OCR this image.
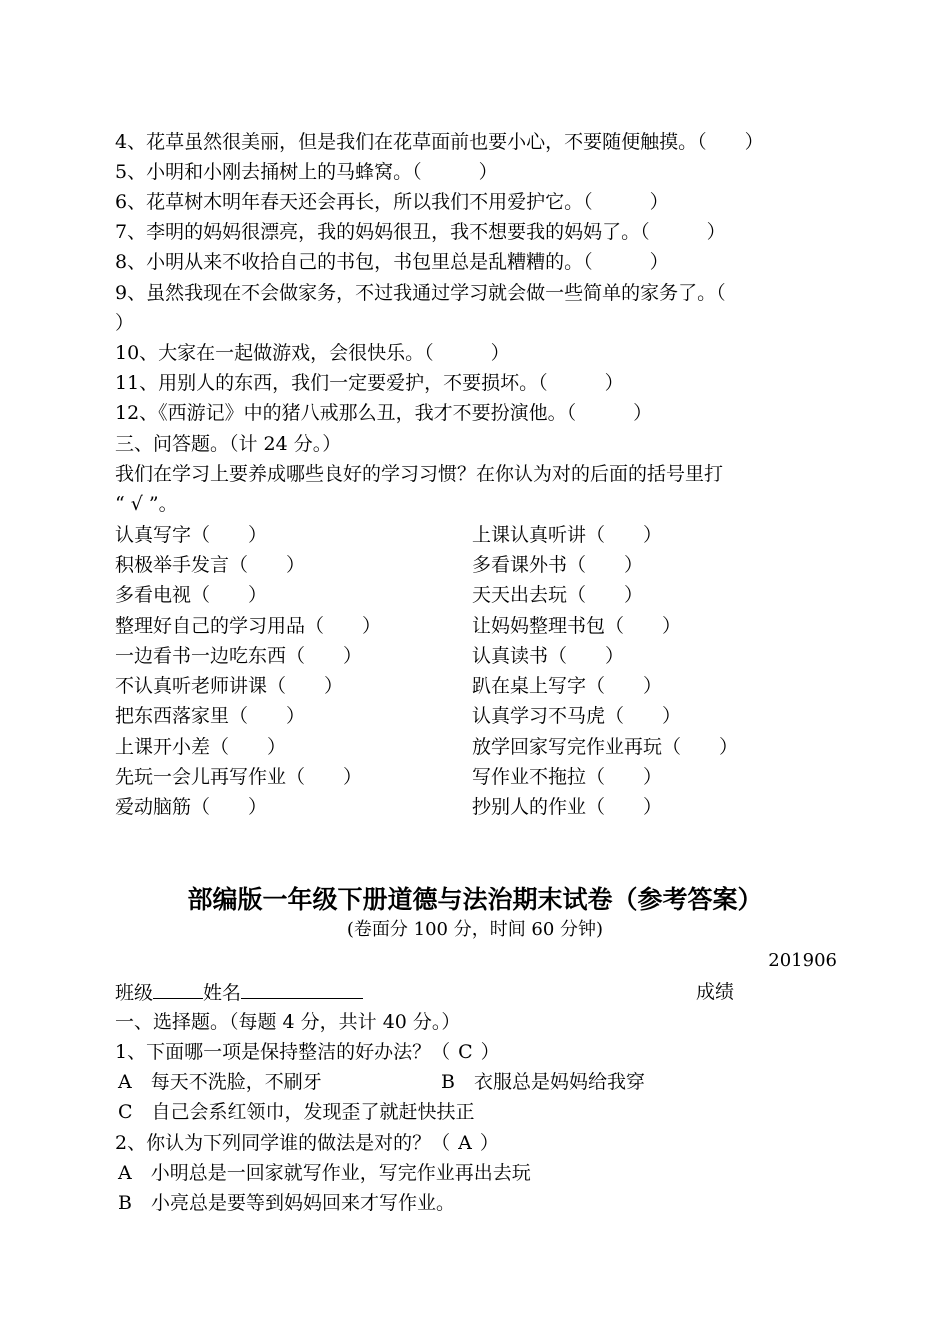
4、花草虽然很美丽，但是我们在花草面前也要小心，不要随便触摸。（　　）
5、小明和小刚去捅树上的马蜂窝。（　　　）
6、花草树木明年春天还会再长，所以我们不用爱护它。（　　　）
7、李明的妈妈很漂亮，我的妈妈很丑，我不想要我的妈妈了。（　　　）
8、小明从来不收拾自己的书包，书包里总是乱糟糟的。（　　　）
9、虽然我现在不会做家务，不过我通过学习就会做一些简单的家务了。（
）
10、大家在一起做游戏，会很快乐。（　　　）
11、用别人的东西，我们一定要爱护，不要损坏。（　　　）
12、《西游记》中的猪八戒那么丑，我才不要扮演他。（　　　）
三、问答题。（计 24 分。）
我们在学习上要养成哪些良好的学习习惯？在你认为对的后面的括号里打
“ √ ”。
认真写字（　　）	上课认真听讲（　　）
积极举手发言（　　）	多看课外书（　　）
多看电视（　　）	天天出去玩（　　）
整理好自己的学习用品（　　）	让妈妈整理书包（　　）
一边看书一边吃东西（　　）	认真读书（　　）
不认真听老师讲课（　　）	趴在桌上写字（　　）
把东西落家里（　　）	认真学习不马虎（　　）
上课开小差（　　）	放学回家写完作业再玩（　　）
先玩一会儿再写作业（　　）	写作业不拖拉（　　）
爱动脑筋（　　）	抄别人的作业（　　）
部编版一年级下册道德与法治期末试卷（参考答案）
(卷面分 100 分，时间 60 分钟)
201906
班级	姓名	成绩
一、选择题。（每题 4 分，共计 40 分。）
1、下面哪一项是保持整洁的好办法？（ C ）
A　每天不洗脸，不刷牙	B　衣服总是妈妈给我穿
C　自己会系红领巾，发现歪了就赶快扶正
2、你认为下列同学谁的做法是对的？（ A ）
A　小明总是一回家就写作业，写完作业再出去玩
B　小亮总是要等到妈妈回来才写作业。
